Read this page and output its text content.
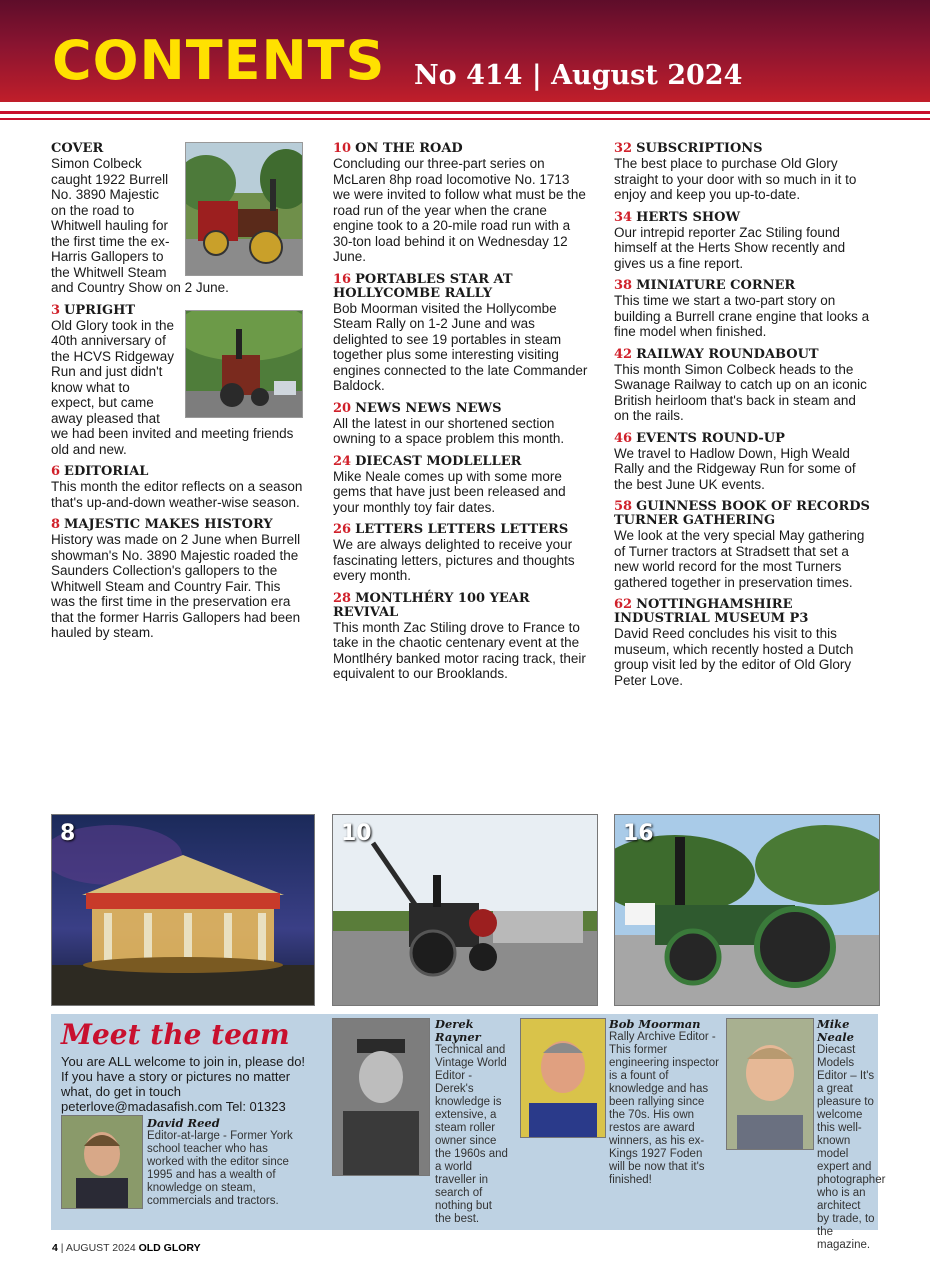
CONTENTS No 414 | August 2024
COVER

Simon Colbeck caught 1922 Burrell No. 3890 Majestic on the road to Whitwell hauling for the first time the ex-Harris Gallopers to the Whitwell Steam and Country Show on 2 June.

3 UPRIGHT

Old Glory took in the 40th anniversary of the HCVS Ridgeway Run and just didn't know what to expect, but came away pleased that we had been invited and meeting friends old and new.

6 EDITORIAL

This month the editor reflects on a season that's up-and-down weather-wise season.

8 MAJESTIC MAKES HISTORY

History was made on 2 June when Burrell showman's No. 3890 Majestic roaded the Saunders Collection's gallopers to the Whitwell Steam and Country Fair. This was the first time in the preservation era that the former Harris Gallopers had been hauled by steam.

10 ON THE ROAD

Concluding our three-part series on McLaren 8hp road locomotive No. 1713 we were invited to follow what must be the road run of the year when the crane engine took to a 20-mile road run with a 30-ton load behind it on Wednesday 12 June.

16 PORTABLES STAR AT HOLLYCOMBE RALLY

Bob Moorman visited the Hollycombe Steam Rally on 1-2 June and was delighted to see 19 portables in steam together plus some interesting visiting engines connected to the late Commander Baldock.

20 NEWS NEWS NEWS

All the latest in our shortened section owning to a space problem this month.

24 DIECAST MODLELLER

Mike Neale comes up with some more gems that have just been released and your monthly toy fair dates.

26 LETTERS LETTERS LETTERS

We are always delighted to receive your fascinating letters, pictures and thoughts every month.

28 MONTLHÉRY 100 YEAR REVIVAL

This month Zac Stiling drove to France to take in the chaotic centenary event at the Montlhéry banked motor racing track, their equivalent to our Brooklands.

32 SUBSCRIPTIONS

The best place to purchase Old Glory straight to your door with so much in it to enjoy and keep you up-to-date.

34 HERTS SHOW

Our intrepid reporter Zac Stiling found himself at the Herts Show recently and gives us a fine report.

38 MINIATURE CORNER

This time we start a two-part story on building a Burrell crane engine that looks a fine model when finished.

42 RAILWAY ROUNDABOUT

This month Simon Colbeck heads to the Swanage Railway to catch up on an iconic British heirloom that's back in steam and on the rails.

46 EVENTS ROUND-UP

We travel to Hadlow Down, High Weald Rally and the Ridgeway Run for some of the best June UK events.

58 GUINNESS BOOK OF RECORDS TURNER GATHERING

We look at the very special May gathering of Turner tractors at Stradsett that set a new world record for the most Turners gathered together in preservation times.

62 NOTTINGHAMSHIRE INDUSTRIAL MUSEUM P3

David Reed concludes his visit to this museum, which recently hosted a Dutch group visit led by the editor of Old Glory Peter Love.

8	10	16
Meet the team
You are ALL welcome to join in, please do! If you have a story or pictures no matter what, do get in touch peterlove@madasafish.com Tel: 01323
David Reed
Editor-at-large - Former York school teacher who has worked with the editor since 1995 and has a wealth of knowledge on steam, commercials and tractors.
Derek Rayner
Technical and Vintage World Editor - Derek's knowledge is extensive, a steam roller owner since the 1960s and a world traveller in search of nothing but the best.
Bob Moorman
Rally Archive Editor - This former engineering inspector is a fount of knowledge and has been rallying since the 70s. His own restos are award winners, as his ex-Kings 1927 Foden will be now that it's finished!
Mike Neale
Diecast Models Editor – It's a great pleasure to welcome this well-known model expert and photographer who is an architect by trade, to the magazine.
4 | AUGUST 2024 OLD GLORY
